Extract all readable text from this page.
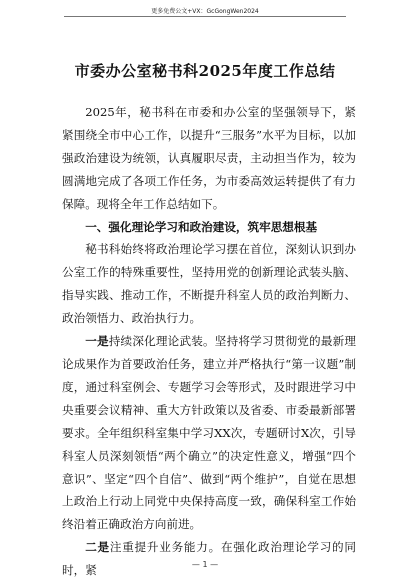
更多免费公文+VX：GcGongWen2024
市委办公室秘书科2025年度工作总结

2025年，秘书科在市委和办公室的坚强领导下，紧紧围绕全市中心工作，以提升“三服务”水平为目标，以加强政治建设为统领，认真履职尽责，主动担当作为，较为圆满地完成了各项工作任务，为市委高效运转提供了有力保障。现将全年工作总结如下。

一、强化理论学习和政治建设，筑牢思想根基

秘书科始终将政治理论学习摆在首位，深刻认识到办公室工作的特殊重要性，坚持用党的创新理论武装头脑、指导实践、推动工作，不断提升科室人员的政治判断力、政治领悟力、政治执行力。

一是持续深化理论武装。坚持将学习贯彻党的最新理论成果作为首要政治任务，建立并严格执行“第一议题”制度，通过科室例会、专题学习会等形式，及时跟进学习中央重要会议精神、重大方针政策以及省委、市委最新部署要求。全年组织科室集中学习XX次，专题研讨X次，引导科室人员深刻领悟“两个确立”的决定性意义，增强“四个意识”、坚定“四个自信”、做到“两个维护”，自觉在思想上政治上行动上同党中央保持高度一致，确保科室工作始终沿着正确政治方向前进。

二是注重提升业务能力。在强化政治理论学习的同时，紧	— 1 —
